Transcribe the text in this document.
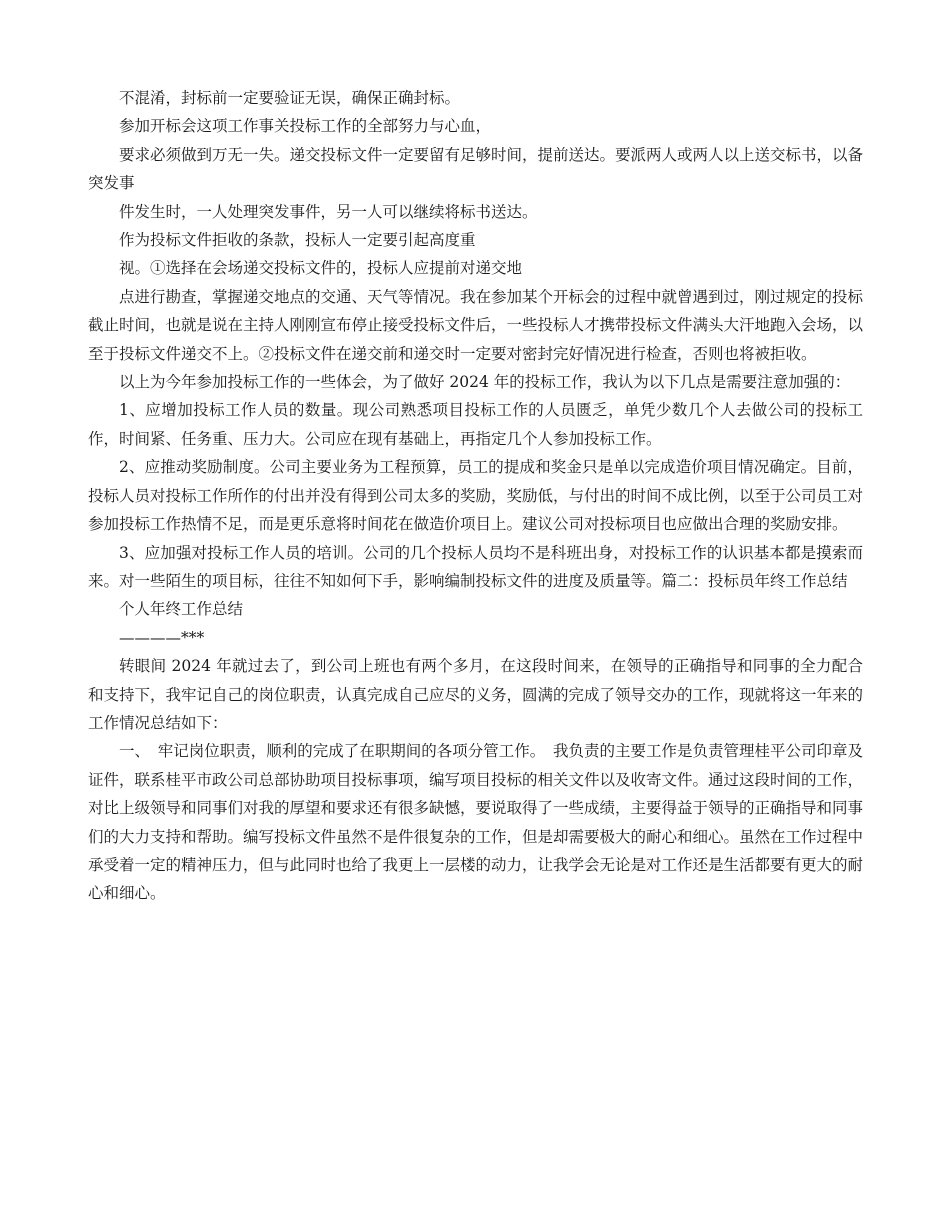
不混淆，封标前一定要验证无误，确保正确封标。

参加开标会这项工作事关投标工作的全部努力与心血，

要求必须做到万无一失。递交投标文件一定要留有足够时间，提前送达。要派两人或两人以上送交标书，以备突发事

件发生时，一人处理突发事件，另一人可以继续将标书送达。

作为投标文件拒收的条款，投标人一定要引起高度重

视。①选择在会场递交投标文件的，投标人应提前对递交地

点进行勘查，掌握递交地点的交通、天气等情况。我在参加某个开标会的过程中就曾遇到过，刚过规定的投标截止时间，也就是说在主持人刚刚宣布停止接受投标文件后，一些投标人才携带投标文件满头大汗地跑入会场，以至于投标文件递交不上。②投标文件在递交前和递交时一定要对密封完好情况进行检查，否则也将被拒收。

以上为今年参加投标工作的一些体会，为了做好 2024 年的投标工作，我认为以下几点是需要注意加强的：

1、应增加投标工作人员的数量。现公司熟悉项目投标工作的人员匮乏，单凭少数几个人去做公司的投标工作，时间紧、任务重、压力大。公司应在现有基础上，再指定几个人参加投标工作。

2、应推动奖励制度。公司主要业务为工程预算，员工的提成和奖金只是单以完成造价项目情况确定。目前，投标人员对投标工作所作的付出并没有得到公司太多的奖励，奖励低，与付出的时间不成比例，以至于公司员工对参加投标工作热情不足，而是更乐意将时间花在做造价项目上。建议公司对投标项目也应做出合理的奖励安排。

3、应加强对投标工作人员的培训。公司的几个投标人员均不是科班出身，对投标工作的认识基本都是摸索而来。对一些陌生的项目标，往往不知如何下手，影响编制投标文件的进度及质量等。篇二：投标员年终工作总结

个人年终工作总结

————***

转眼间 2024 年就过去了，到公司上班也有两个多月，在这段时间来，在领导的正确指导和同事的全力配合和支持下，我牢记自己的岗位职责，认真完成自己应尽的义务，圆满的完成了领导交办的工作，现就将这一年来的工作情况总结如下：

一、　牢记岗位职责，顺利的完成了在职期间的各项分管工作。　我负责的主要工作是负责管理桂平公司印章及证件，联系桂平市政公司总部协助项目投标事项，编写项目投标的相关文件以及收寄文件。通过这段时间的工作，对比上级领导和同事们对我的厚望和要求还有很多缺憾，要说取得了一些成绩，主要得益于领导的正确指导和同事们的大力支持和帮助。编写投标文件虽然不是件很复杂的工作，但是却需要极大的耐心和细心。虽然在工作过程中承受着一定的精神压力，但与此同时也给了我更上一层楼的动力，让我学会无论是对工作还是生活都要有更大的耐心和细心。
